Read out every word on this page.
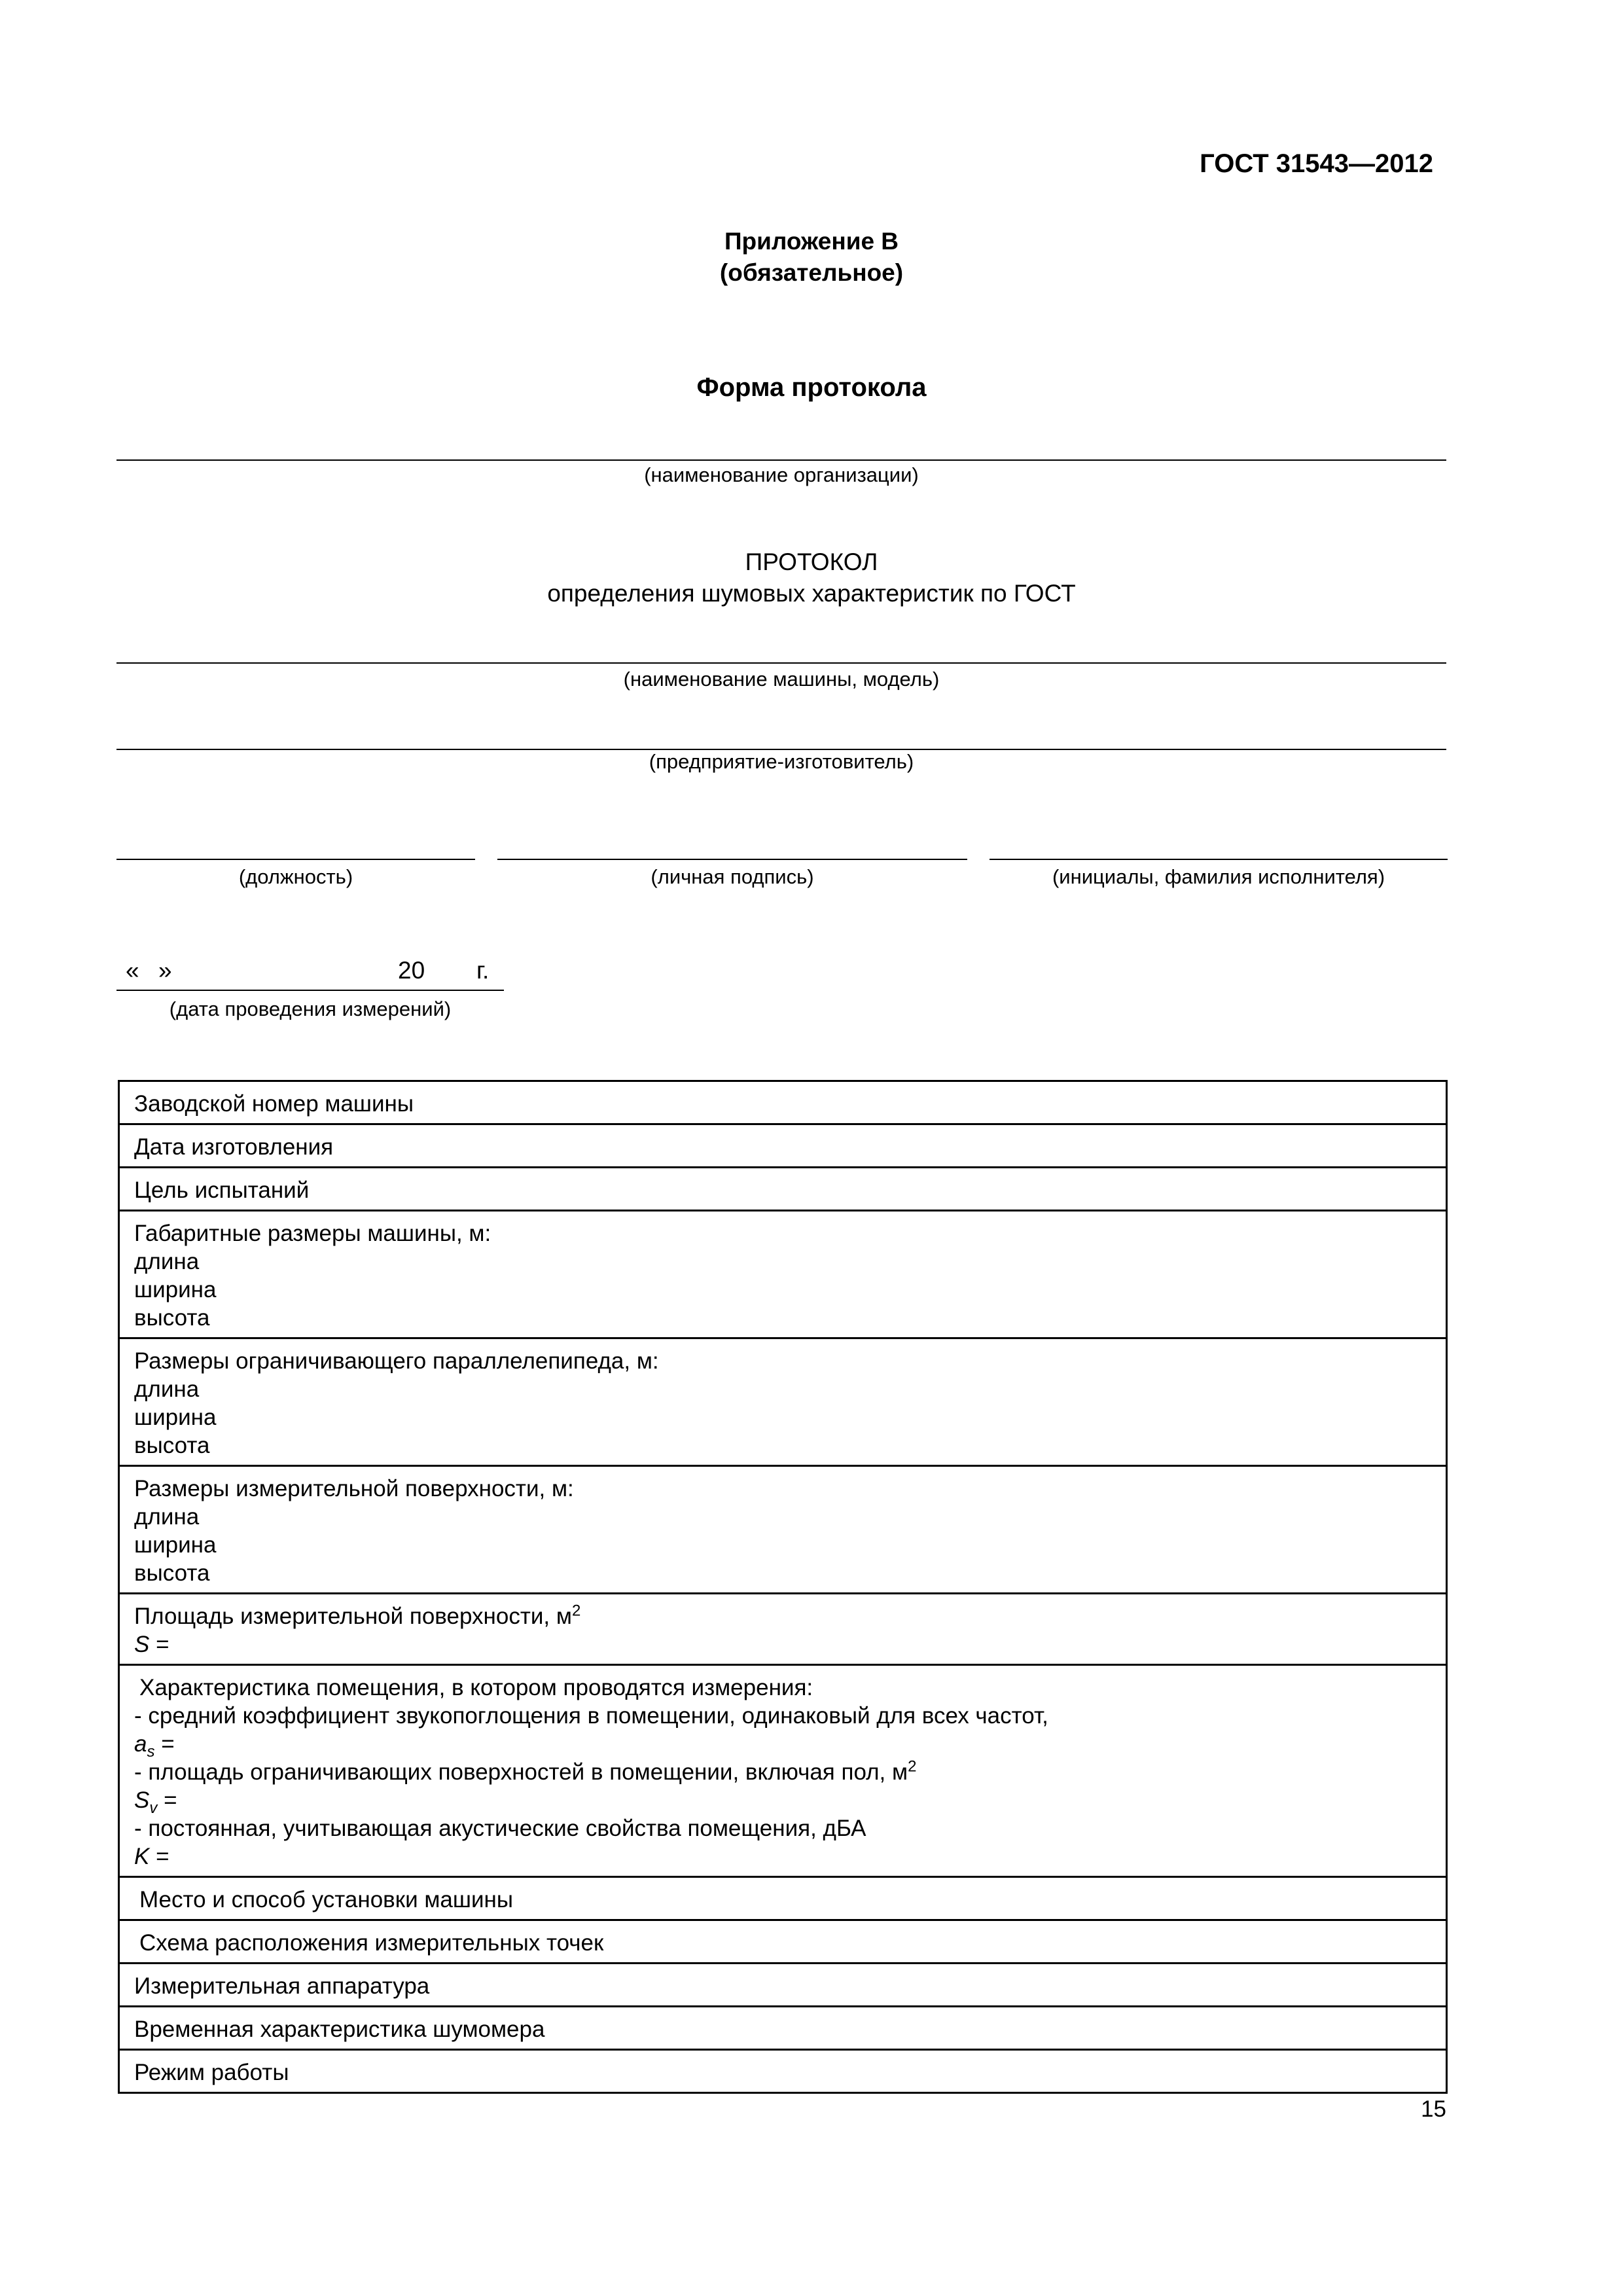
ГОСТ 31543—2012
Приложение В
(обязательное)
Форма протокола
(наименование организации)
ПРОТОКОЛ
определения шумовых характеристик по ГОСТ
(наименование машины, модель)
(предприятие-изготовитель)
(должность)	(личная подпись)	(инициалы, фамилия исполнителя)
« »	20 г.
(дата проведения измерений)
Заводской номер машины
Дата изготовления
Цель испытаний

Габаритные размеры машины, м:
длина
ширина
высота

Размеры ограничивающего параллелепипеда, м:
длина
ширина
высота

Размеры измерительной поверхности, м:
длина
ширина
высота

Площадь измерительной поверхности, $м^2$
S =

Характеристика помещения, в котором проводятся измерения:
- средний коэффициент звукопоглощения в помещении, одинаковый для всех частот,
$a_s$ =
- площадь ограничивающих поверхностей в помещении, включая пол, $м^2$
$S_v$ =
- постоянная, учитывающая акустические свойства помещения, дБА
K =

Место и способ установки машины
Схема расположения измерительных точек
Измерительная аппаратура
Временная характеристика шумомера
Режим работы
15
